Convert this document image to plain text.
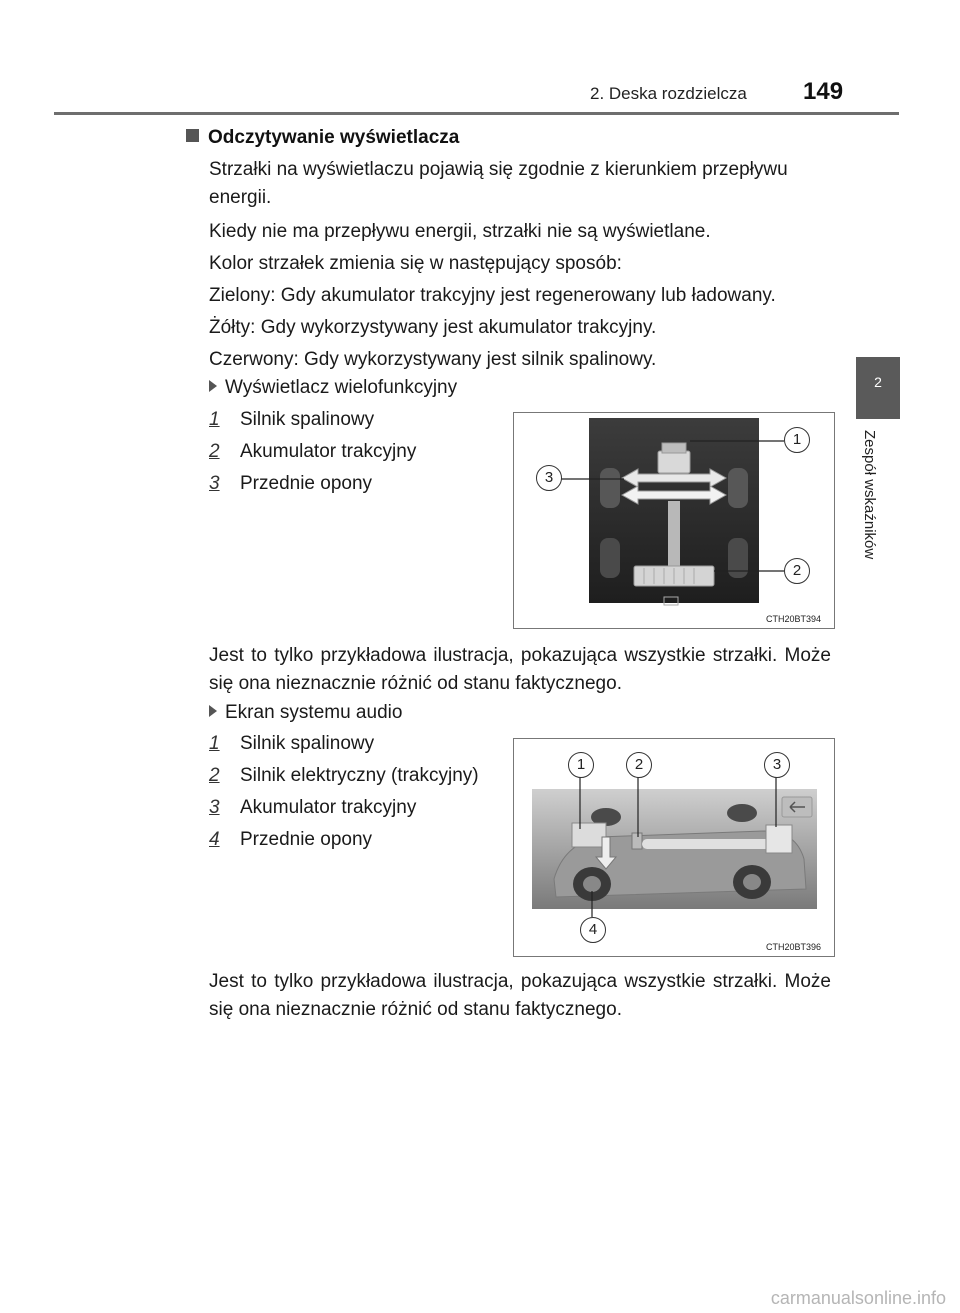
2. Deska rozdzielcza 149
2
Zespół wskaźników
Odczytywanie wyświetlacza
Strzałki na wyświetlaczu pojawią się zgodnie z kierunkiem przepływu energii.
Kiedy nie ma przepływu energii, strzałki nie są wyświetlane.
Kolor strzałek zmienia się w następujący sposób:
Zielony: Gdy akumulator trakcyjny jest regenerowany lub ładowany.
Żółty: Gdy wykorzystywany jest akumulator trakcyjny.
Czerwony: Gdy wykorzystywany jest silnik spalinowy.
Wyświetlacz wielofunkcyjny
1 Silnik spalinowy
2 Akumulator trakcyjny
3 Przednie opony
1
2
3
CTH20BT394
Jest to tylko przykładowa ilustracja, pokazująca wszystkie strzałki. Może się ona nieznacznie różnić od stanu faktycznego.
Ekran systemu audio
1 Silnik spalinowy
2 Silnik elektryczny (trakcyjny)
3 Akumulator trakcyjny
4 Przednie opony
1	2	3
4
CTH20BT396
Jest to tylko przykładowa ilustracja, pokazująca wszystkie strzałki. Może się ona nieznacznie różnić od stanu faktycznego.
carmanualsonline.info
